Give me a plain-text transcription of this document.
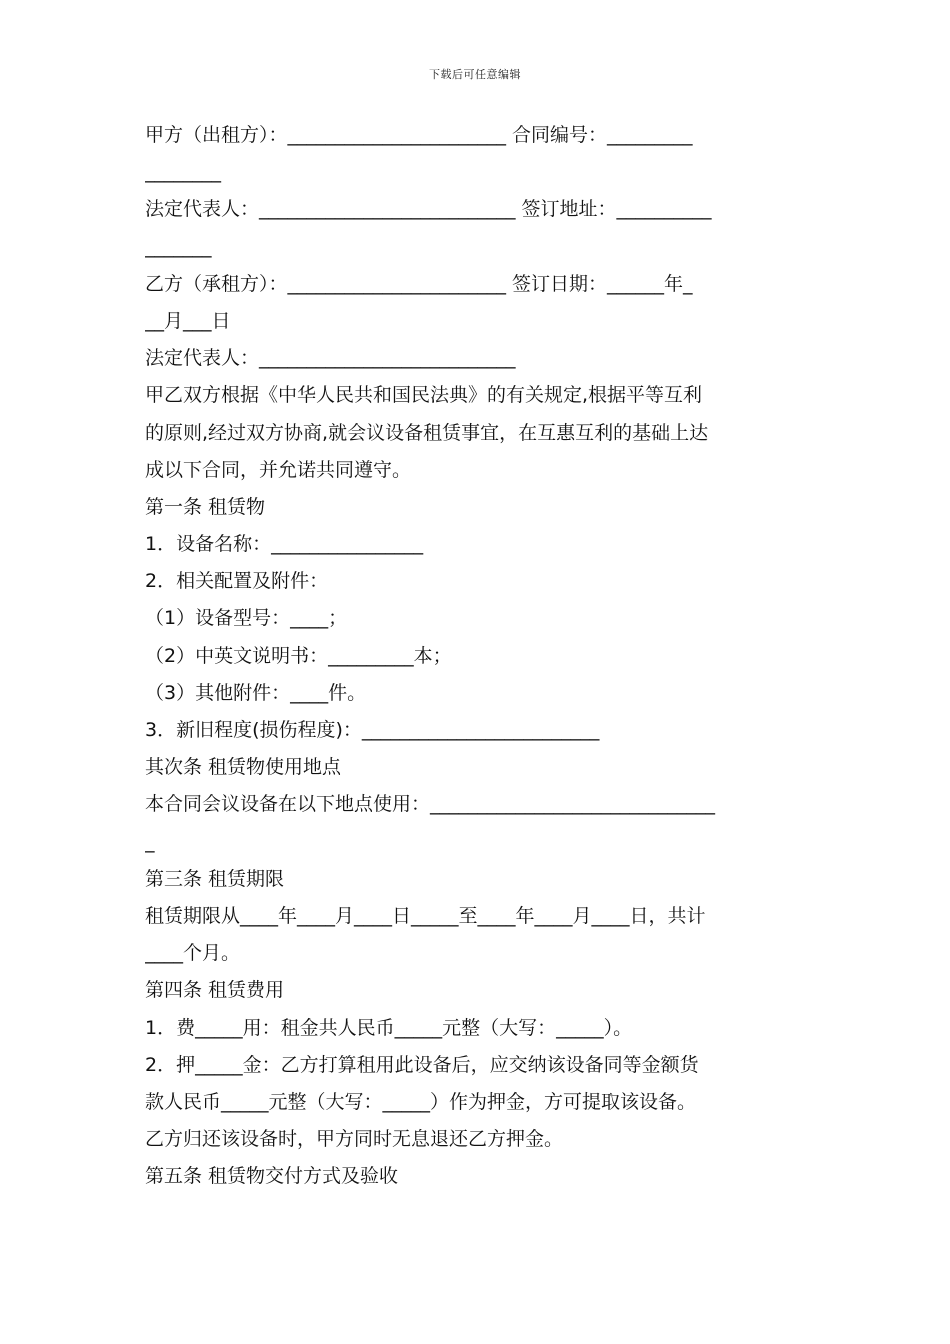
下载后可任意编辑
甲方（出租方）：_______________________ 合同编号：_________
________
法定代表人：___________________________ 签订地址：__________
_______
乙方（承租方）：_______________________ 签订日期：______年_
__月___日
法定代表人：___________________________
甲乙双方根据《中华人民共和国民法典》的有关规定,根据平等互利
的原则,经过双方协商,就会议设备租赁事宜，在互惠互利的基础上达
成以下合同，并允诺共同遵守。
第一条 租赁物
1．设备名称：________________
2．相关配置及附件：
（1）设备型号：____；
（2）中英文说明书：_________本；
（3）其他附件：____件。
3．新旧程度(损伤程度)：_________________________
其次条 租赁物使用地点
本合同会议设备在以下地点使用：______________________________
_
第三条 租赁期限
租赁期限从____年____月____日_____至____年____月____日，共计
____个月。
第四条 租赁费用
1．费_____用：租金共人民币_____元整（大写：_____）。
2．押_____金：乙方打算租用此设备后，应交纳该设备同等金额货
款人民币_____元整（大写：_____）作为押金，方可提取该设备。
乙方归还该设备时，甲方同时无息退还乙方押金。
第五条 租赁物交付方式及验收
